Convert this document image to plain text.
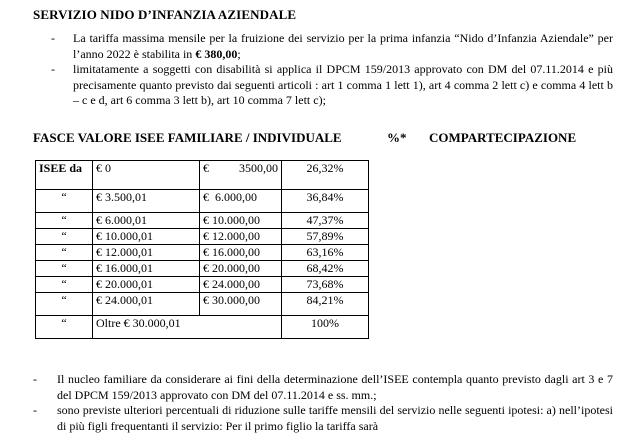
SERVIZIO NIDO D’INFANZIA AZIENDALE
- La tariffa massima mensile per la fruizione dei servizio per la prima infanzia “Nido d’Infanzia Aziendale” per l’anno 2022 è stabilita in € 380,00;
- limitatamente a soggetti con disabilità si applica il DPCM 159/2013 approvato con DM del 07.11.2014 e più precisamente quanto previsto dai seguenti articoli : art 1 comma 1 lett 1), art 4 comma 2 lett c) e comma 4 lett b – c e d, art 6 comma 3 lett b), art 10 comma 7 lett c);
FASCE VALORE ISEE FAMILIARE / INDIVIDUALE	%* COMPARTECIPAZIONE
ISEE da	€ 0	€          3500,00	26,32%
“	€ 3.500,01	€  6.000,00	36,84%
“	€ 6.000,01	€ 10.000,00	47,37%
“	€ 10.000,01	€ 12.000,00	57,89%
“	€ 12.000,01	€ 16.000,00	63,16%
“	€ 16.000,01	€ 20.000,00	68,42%
“	€ 20.000,01	€ 24.000,00	73,68%
“	€ 24.000,01	€ 30.000,00	84,21%
“	Oltre € 30.000,01		100%
- Il nucleo familiare da considerare ai fini della determinazione dell’ISEE contempla quanto previsto dagli art 3 e 7 del DPCM 159/2013 approvato con DM del 07.11.2014 e ss. mm.;
- sono previste ulteriori percentuali di riduzione sulle tariffe mensili del servizio nelle seguenti ipotesi: a) nell’ipotesi di più figli frequentanti il servizio: Per il primo figlio la tariffa sarà
